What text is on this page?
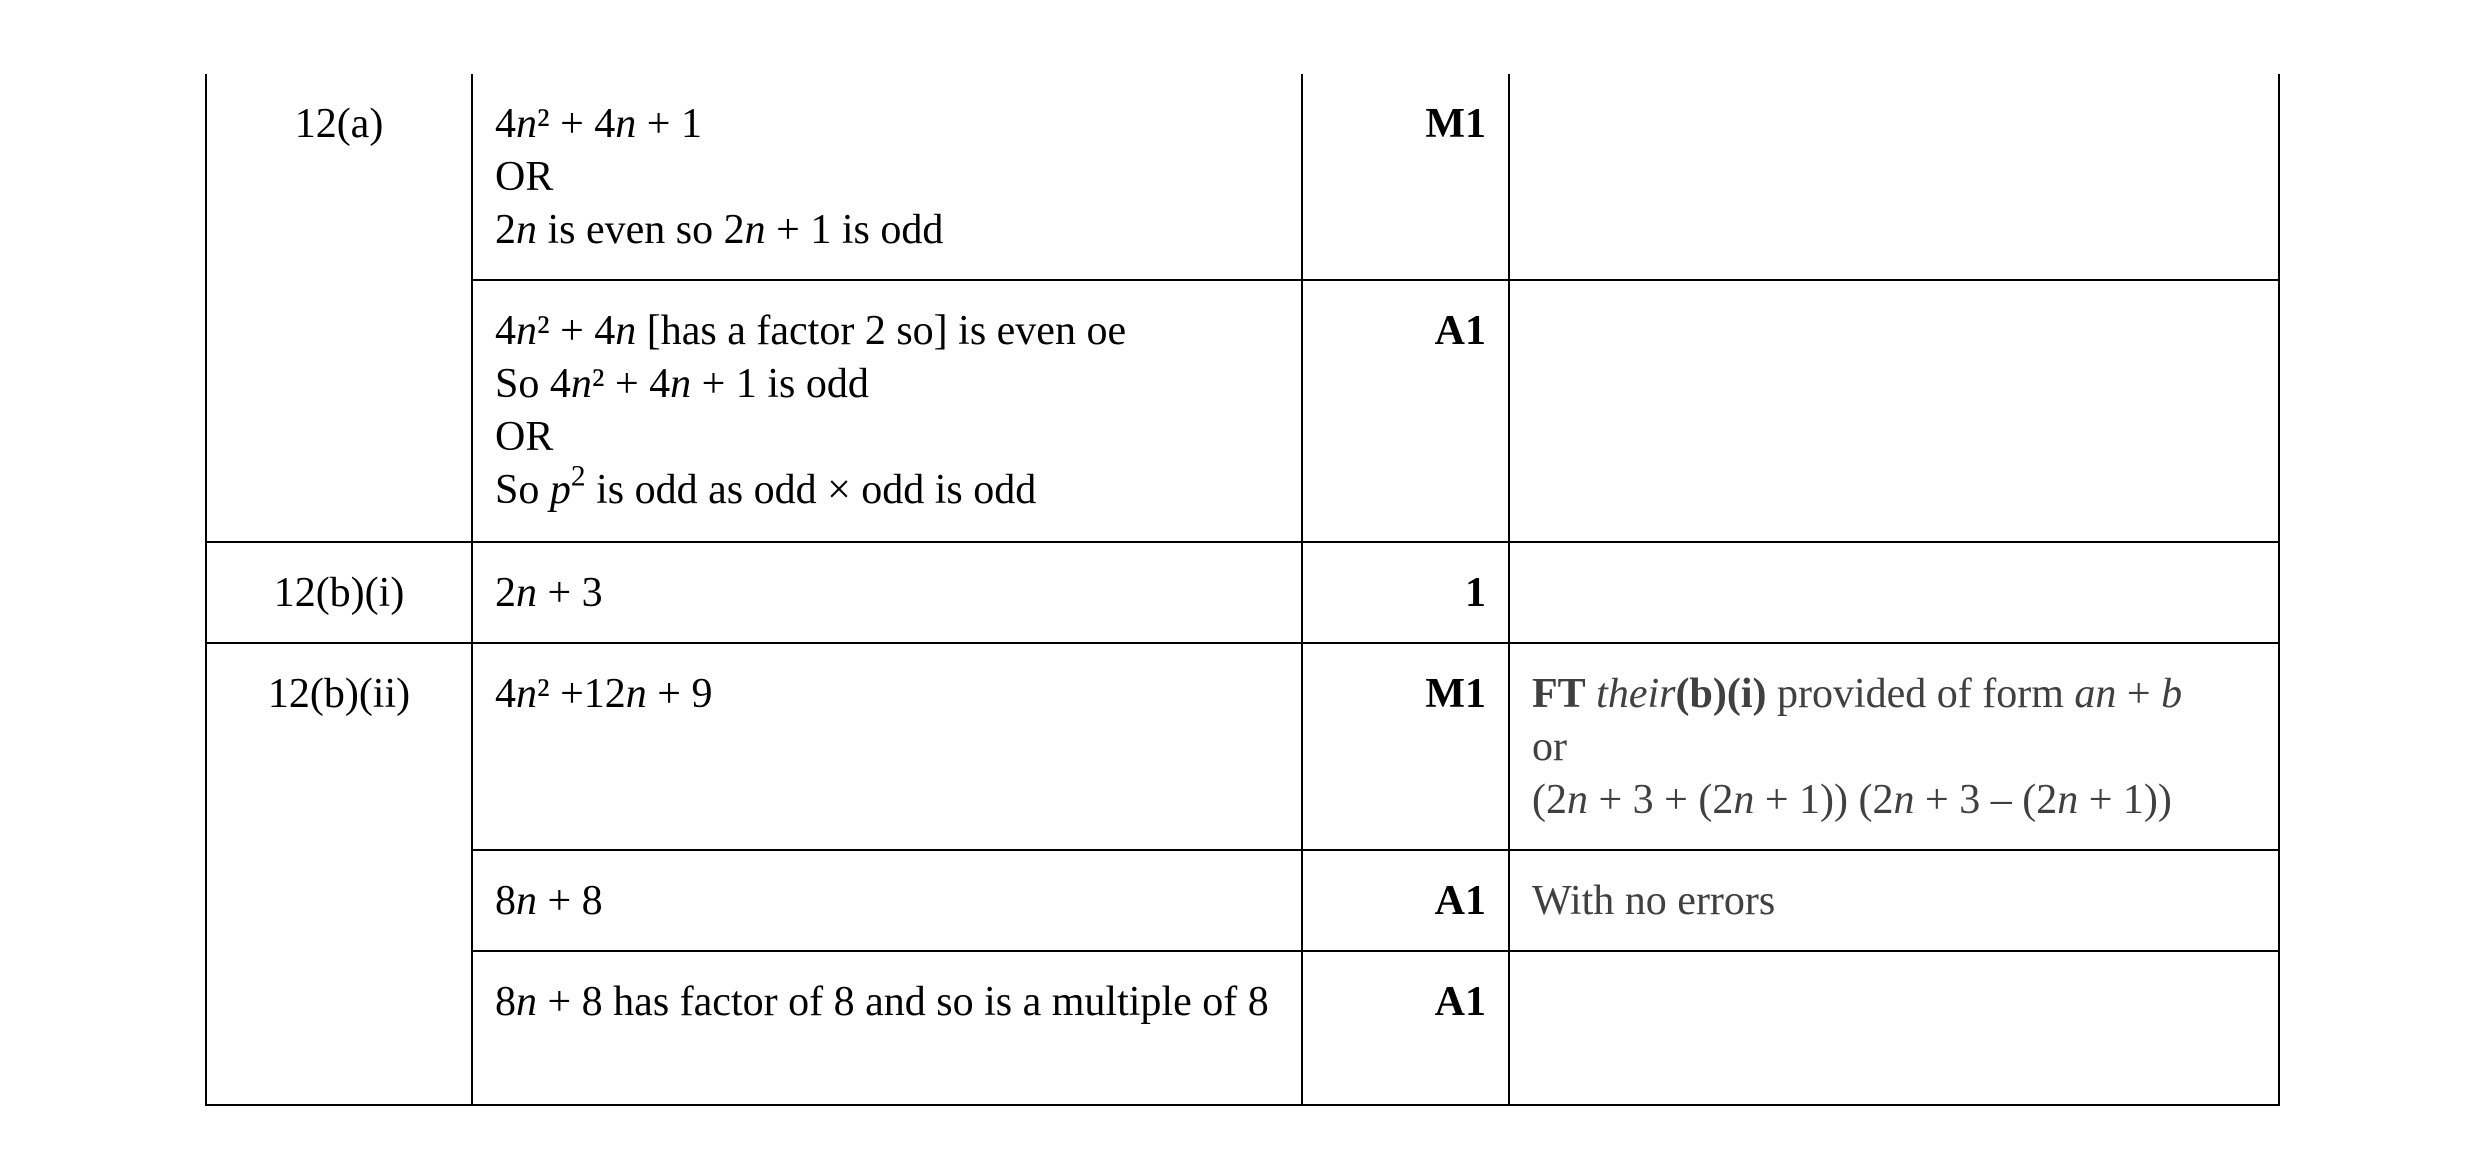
12(a)	4n² + 4n + 1
OR
2n is even so 2n + 1 is odd	M1	

	4n² + 4n [has a factor 2 so] is even oe
So 4n² + 4n + 1 is odd
OR
So $p^2$ is odd as odd × odd is odd	A1	
12(b)(i)	2n + 3	1	
12(b)(ii)	4n² +12n + 9	M1	FT their(b)(i) provided of form an + b
or
(2n + 3 + (2n + 1)) (2n + 3 – (2n + 1))

	8n + 8	A1	With no errors

	8n + 8 has factor of 8 and so is a multiple of 8	A1	
